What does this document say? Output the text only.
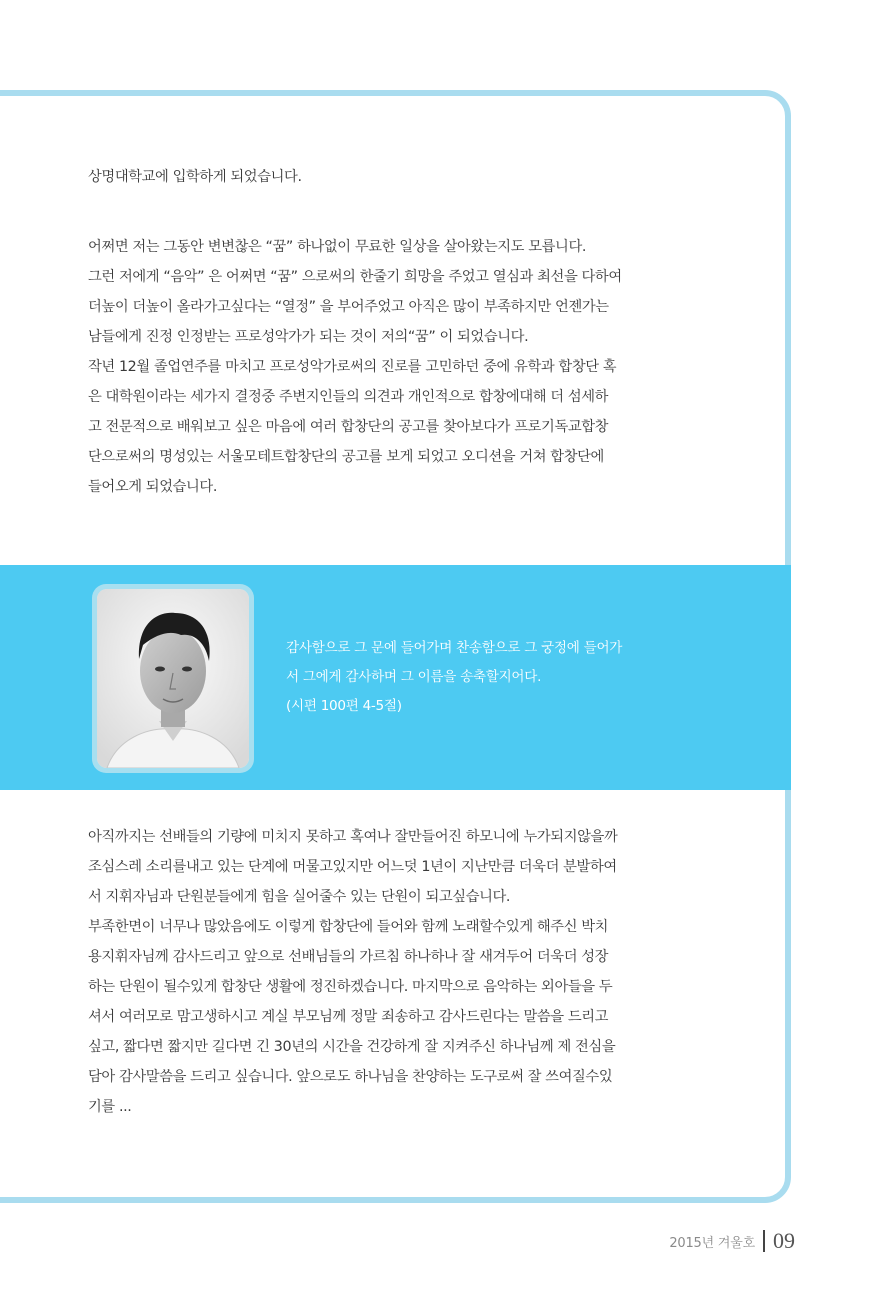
상명대학교에 입학하게 되었습니다.

어쩌면 저는 그동안 변변찮은 “꿈” 하나없이 무료한 일상을 살아왔는지도 모릅니다.
그런 저에게 “음악” 은 어쩌면 “꿈” 으로써의 한줄기 희망을 주었고 열심과 최선을 다하여
더높이 더높이 올라가고싶다는 “열정” 을 부어주었고 아직은 많이 부족하지만 언젠가는
남들에게 진정 인정받는 프로성악가가 되는 것이 저의“꿈” 이 되었습니다.
작년 12월 졸업연주를 마치고 프로성악가로써의 진로를 고민하던 중에 유학과 합창단 혹
은 대학원이라는 세가지 결정중 주변지인들의 의견과 개인적으로 합창에대해 더 섬세하
고 전문적으로 배워보고 싶은 마음에 여러 합창단의 공고를 찾아보다가 프로기독교합창
단으로써의 명성있는 서울모테트합창단의 공고를 보게 되었고 오디션을 거쳐 합창단에
들어오게 되었습니다.

감사함으로 그 문에 들어가며 찬송함으로 그 궁정에 들어가
서 그에게 감사하며 그 이름을 송축할지어다.
(시편 100편 4-5절)

아직까지는 선배들의 기량에 미치지 못하고 혹여나 잘만들어진 하모니에 누가되지않을까
조심스레 소리를내고 있는 단계에 머물고있지만 어느덧 1년이 지난만큼 더욱더 분발하여
서 지휘자님과 단원분들에게 힘을 실어줄수 있는 단원이 되고싶습니다.
부족한면이 너무나 많았음에도 이렇게 합창단에 들어와 함께 노래할수있게 해주신 박치
용지휘자님께 감사드리고 앞으로 선배님들의 가르침 하나하나 잘 새겨두어 더욱더 성장
하는 단원이 될수있게 합창단 생활에 정진하겠습니다. 마지막으로 음악하는 외아들을 두
셔서 여러모로 맘고생하시고 계실 부모님께 정말 죄송하고 감사드린다는 말씀을 드리고
싶고, 짧다면 짧지만 길다면 긴 30년의 시간을 건강하게 잘 지켜주신 하나님께 제 전심을
담아 감사말씀을 드리고 싶습니다. 앞으로도 하나님을 찬양하는 도구로써 잘 쓰여질수있
기를 ...

2015년 겨울호 09
